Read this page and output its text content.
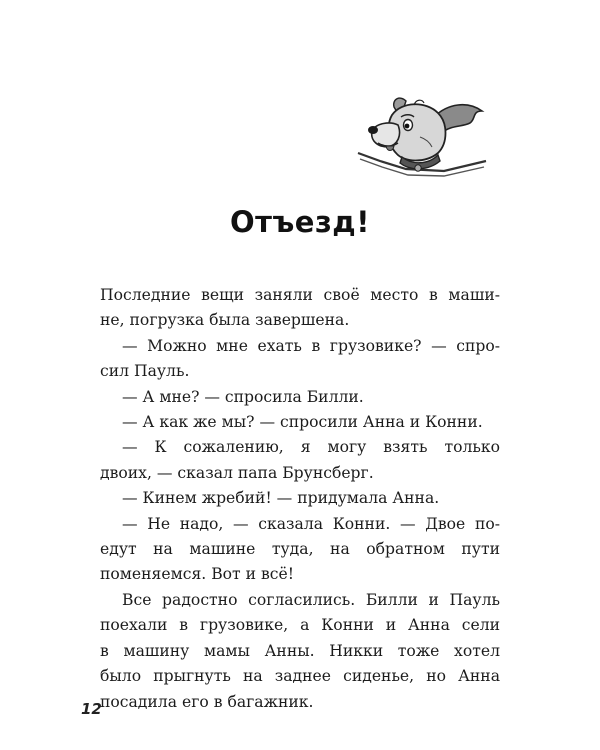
Отъезд!
Последние вещи заняли своё место в маши-
не, погрузка была завершена.
— Можно мне ехать в грузовике? — спро-
сил Пауль.
— А мне? — спросила Билли.
— А как же мы? — спросили Анна и Конни.
— К сожалению, я могу взять только
двоих, — сказал папа Брунсберг.
— Кинем жребий! — придумала Анна.
— Не надо, — сказала Конни. — Двое по-
едут на машине туда, на обратном пути
поменяемся. Вот и всё!
Все радостно согласились. Билли и Пауль
поехали в грузовике, а Конни и Анна сели
в машину мамы Анны. Никки тоже хотел
было прыгнуть на заднее сиденье, но Анна
посадила его в багажник.
12
